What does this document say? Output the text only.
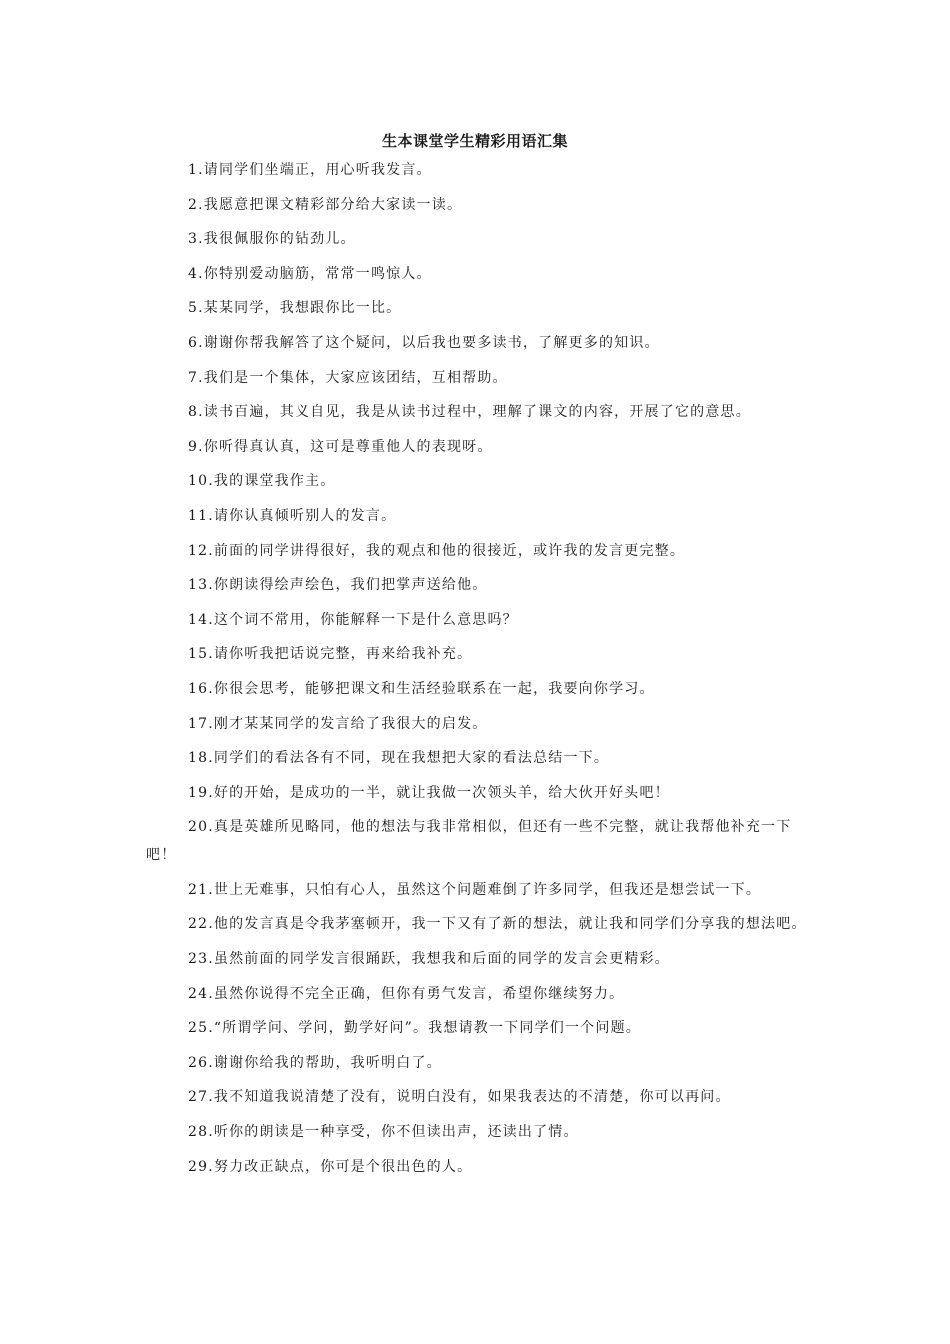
生本课堂学生精彩用语汇集
1.请同学们坐端正，用心听我发言。
2.我愿意把课文精彩部分给大家读一读。
3.我很佩服你的钻劲儿。
4.你特别爱动脑筋，常常一鸣惊人。
5.某某同学，我想跟你比一比。
6.谢谢你帮我解答了这个疑问，以后我也要多读书，了解更多的知识。
7.我们是一个集体，大家应该团结，互相帮助。
8.读书百遍，其义自见，我是从读书过程中，理解了课文的内容，开展了它的意思。
9.你听得真认真，这可是尊重他人的表现呀。
10.我的课堂我作主。
11.请你认真倾听别人的发言。
12.前面的同学讲得很好，我的观点和他的很接近，或许我的发言更完整。
13.你朗读得绘声绘色，我们把掌声送给他。
14.这个词不常用，你能解释一下是什么意思吗？
15.请你听我把话说完整，再来给我补充。
16.你很会思考，能够把课文和生活经验联系在一起，我要向你学习。
17.刚才某某同学的发言给了我很大的启发。
18.同学们的看法各有不同，现在我想把大家的看法总结一下。
19.好的开始，是成功的一半，就让我做一次领头羊，给大伙开好头吧！
20.真是英雄所见略同，他的想法与我非常相似，但还有一些不完整，就让我帮他补充一下吧！
21.世上无难事，只怕有心人，虽然这个问题难倒了许多同学，但我还是想尝试一下。
22.他的发言真是令我茅塞顿开，我一下又有了新的想法，就让我和同学们分享我的想法吧。
23.虽然前面的同学发言很踊跃，我想我和后面的同学的发言会更精彩。
24.虽然你说得不完全正确，但你有勇气发言，希望你继续努力。
25.“所谓学问、学问，勤学好问”。我想请教一下同学们一个问题。
26.谢谢你给我的帮助，我听明白了。
27.我不知道我说清楚了没有，说明白没有，如果我表达的不清楚，你可以再问。
28.听你的朗读是一种享受，你不但读出声，还读出了情。
29.努力改正缺点，你可是个很出色的人。
